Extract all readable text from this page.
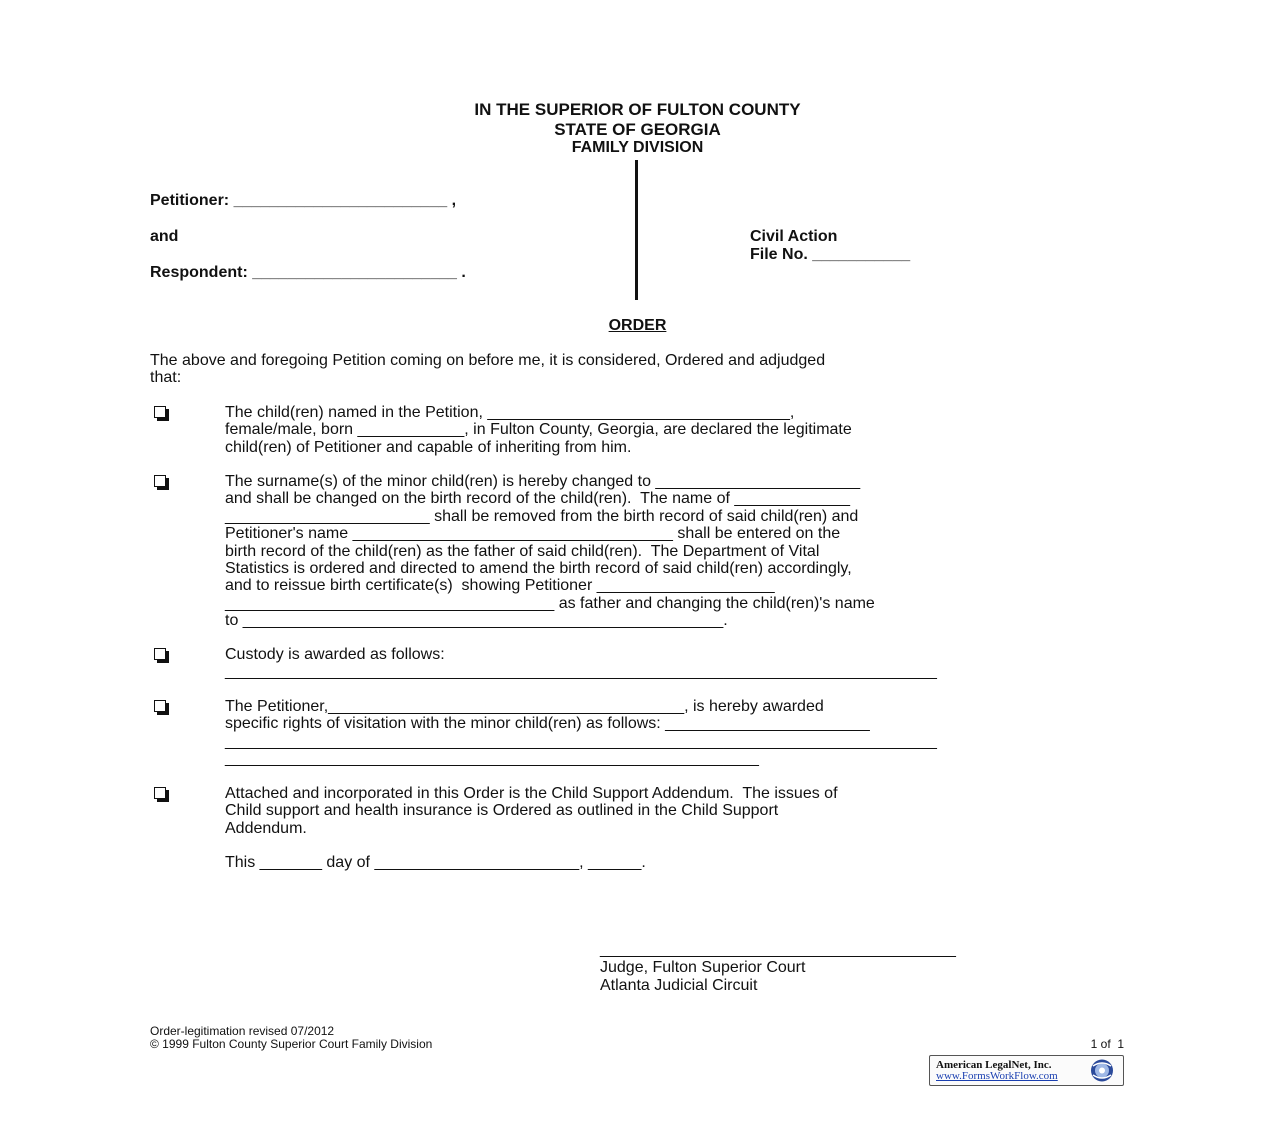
IN THE SUPERIOR OF FULTON COUNTY
STATE OF GEORGIA
FAMILY DIVISION
Petitioner: ________________________ ,
and
Respondent: _______________________ .
Civil Action
File No. ___________
ORDER
The above and foregoing Petition coming on before me, it is considered, Ordered and adjudged
that:
The child(ren) named in the Petition, __________________________________,
female/male, born ____________, in Fulton County, Georgia, are declared the legitimate
child(ren) of Petitioner and capable of inheriting from him.
The surname(s) of the minor child(ren) is hereby changed to _______________________
and shall be changed on the birth record of the child(ren).  The name of _____________
_______________________ shall be removed from the birth record of said child(ren) and
Petitioner's name ____________________________________ shall be entered on the
birth record of the child(ren) as the father of said child(ren).  The Department of Vital
Statistics is ordered and directed to amend the birth record of said child(ren) accordingly,
and to reissue birth certificate(s)  showing Petitioner ____________________
_____________________________________ as father and changing the child(ren)'s name
to ______________________________________________________.
Custody is awarded as follows:
________________________________________________________________________________
The Petitioner,________________________________________, is hereby awarded
specific rights of visitation with the minor child(ren) as follows: _______________________
________________________________________________________________________________
____________________________________________________________
Attached and incorporated in this Order is the Child Support Addendum.  The issues of
Child support and health insurance is Ordered as outlined in the Child Support
Addendum.
This _______ day of _______________________, ______.
________________________________________
Judge, Fulton Superior Court
Atlanta Judicial Circuit
Order-legitimation revised 07/2012
© 1999 Fulton County Superior Court Family Division	1 of  1

American LegalNet, Inc.

www.FormsWorkFlow.com
